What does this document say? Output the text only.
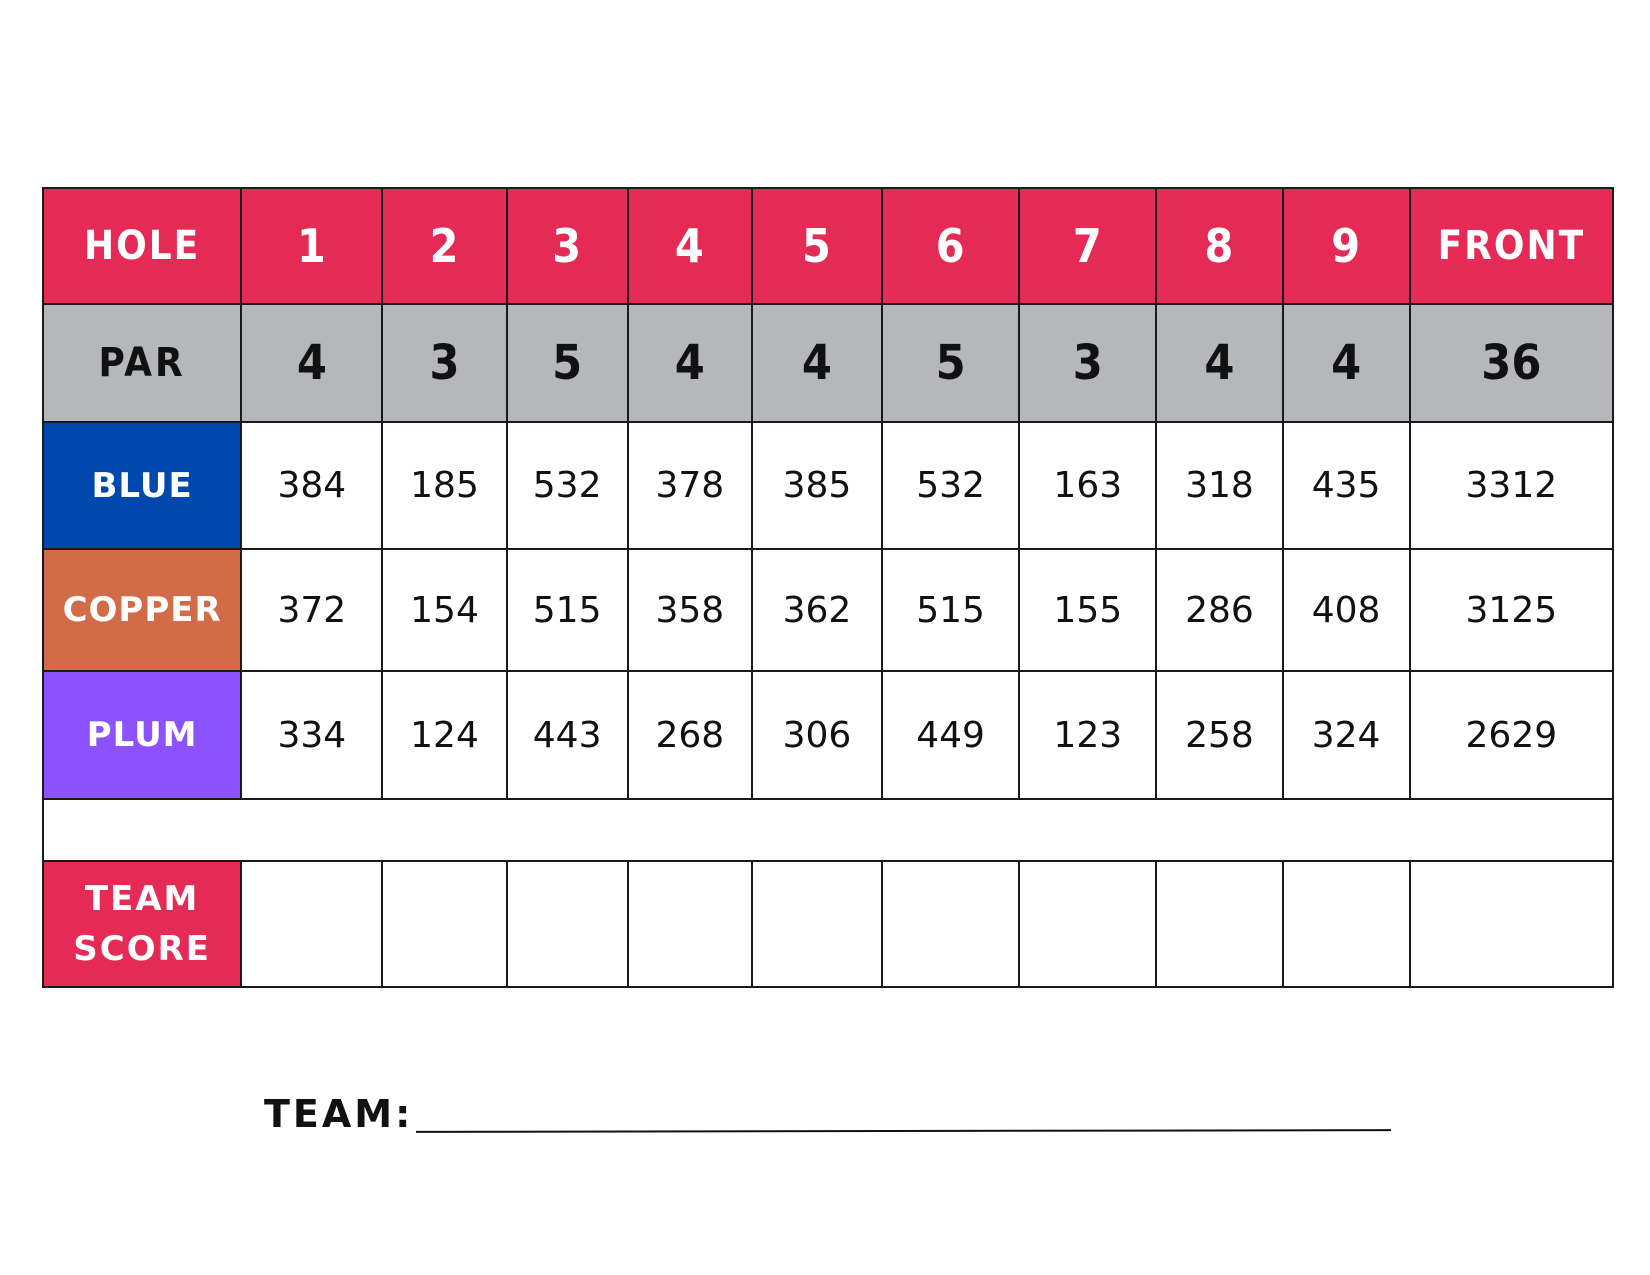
HOLE	1	2	3	4	5	6	7	8	9	FRONT
PAR	4	3	5	4	4	5	3	4	4	36
BLUE	384	185	532	378	385	532	163	318	435	3312
COPPER	372	154	515	358	362	515	155	286	408	3125
PLUM	334	124	443	268	306	449	123	258	324	2629

TEAM
SCORE										

TEAM:
